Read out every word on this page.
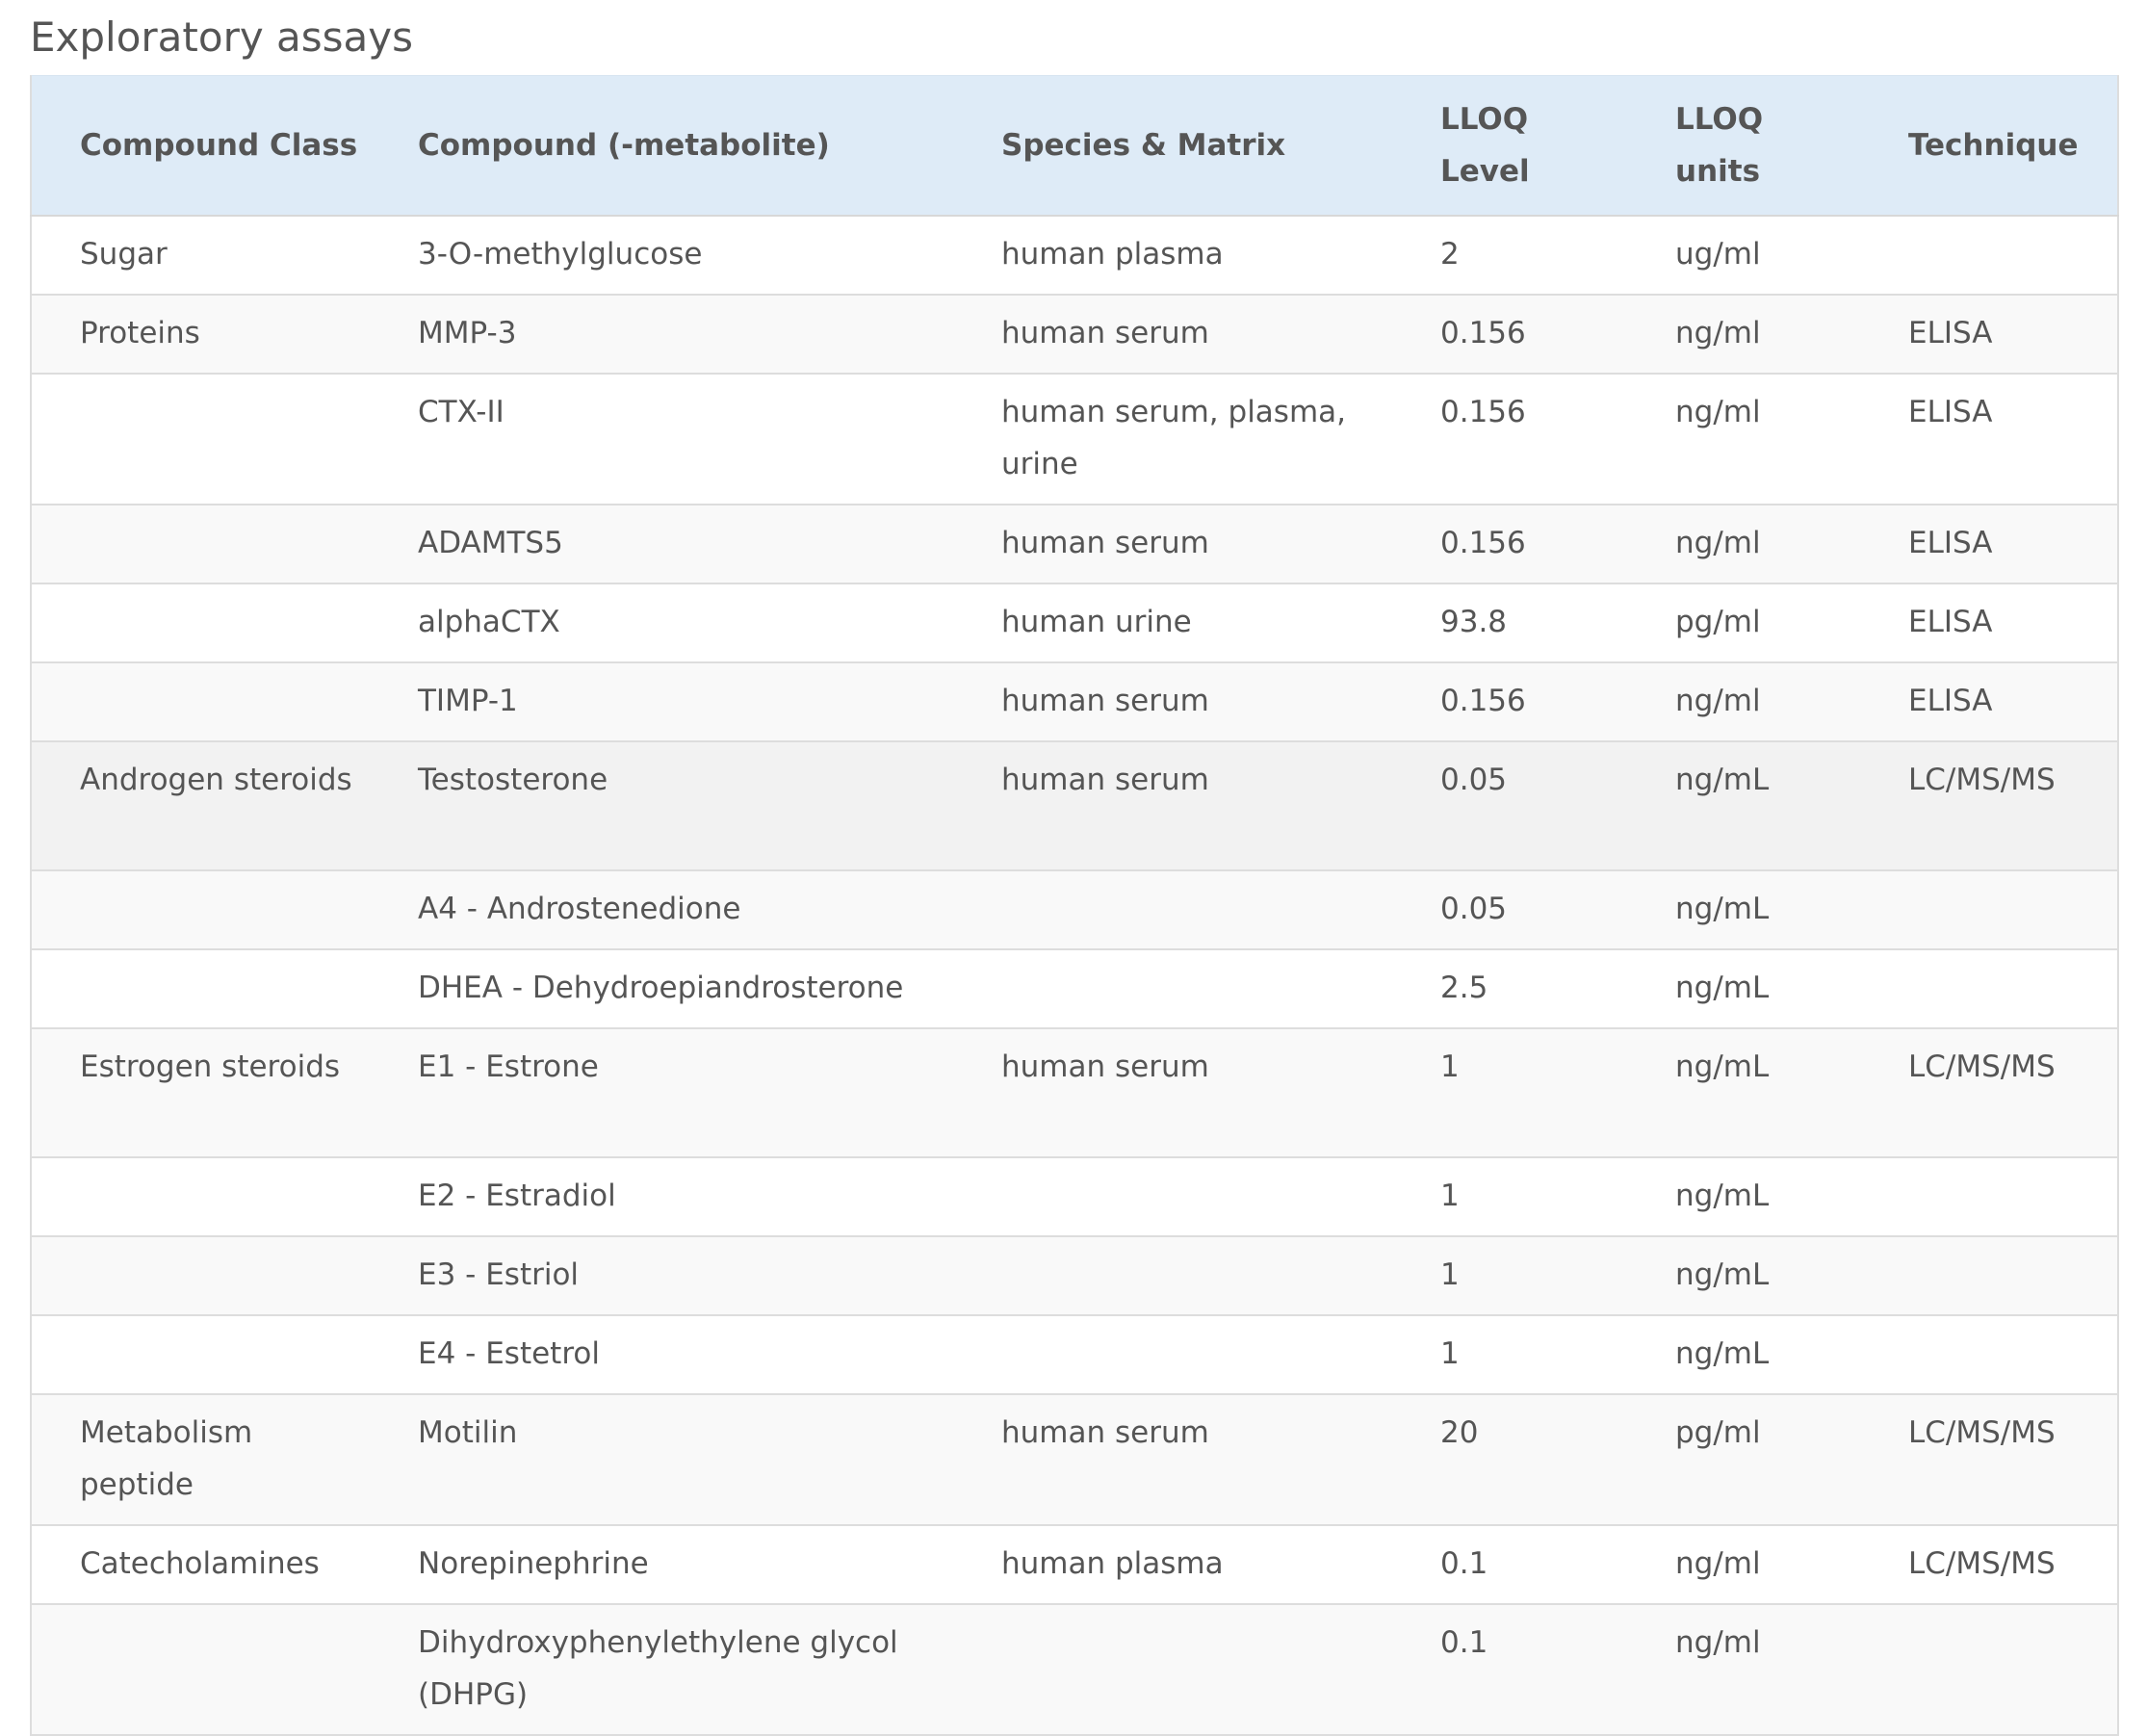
Exploratory assays
Compound Class	Compound (-metabolite)	Species & Matrix	LLOQ Level	LLOQ units	Technique
Sugar	3-O-methylglucose	human plasma	2	ug/ml	
Proteins	MMP-3	human serum	0.156	ng/ml	ELISA
	CTX-II	human serum, plasma, urine	0.156	ng/ml	ELISA
	ADAMTS5	human serum	0.156	ng/ml	ELISA
	alphaCTX	human urine	93.8	pg/ml	ELISA
	TIMP-1	human serum	0.156	ng/ml	ELISA
Androgen steroids	Testosterone	human serum	0.05	ng/mL	LC/MS/MS
	A4 - Androstenedione		0.05	ng/mL	
	DHEA - Dehydroepiandrosterone		2.5	ng/mL	
Estrogen steroids	E1 - Estrone	human serum	1	ng/mL	LC/MS/MS
	E2 - Estradiol		1	ng/mL	
	E3 - Estriol		1	ng/mL	
	E4 - Estetrol		1	ng/mL	
Metabolism peptide	Motilin	human serum	20	pg/ml	LC/MS/MS
Catecholamines	Norepinephrine	human plasma	0.1	ng/ml	LC/MS/MS
	Dihydroxyphenylethylene glycol (DHPG)		0.1	ng/ml	
